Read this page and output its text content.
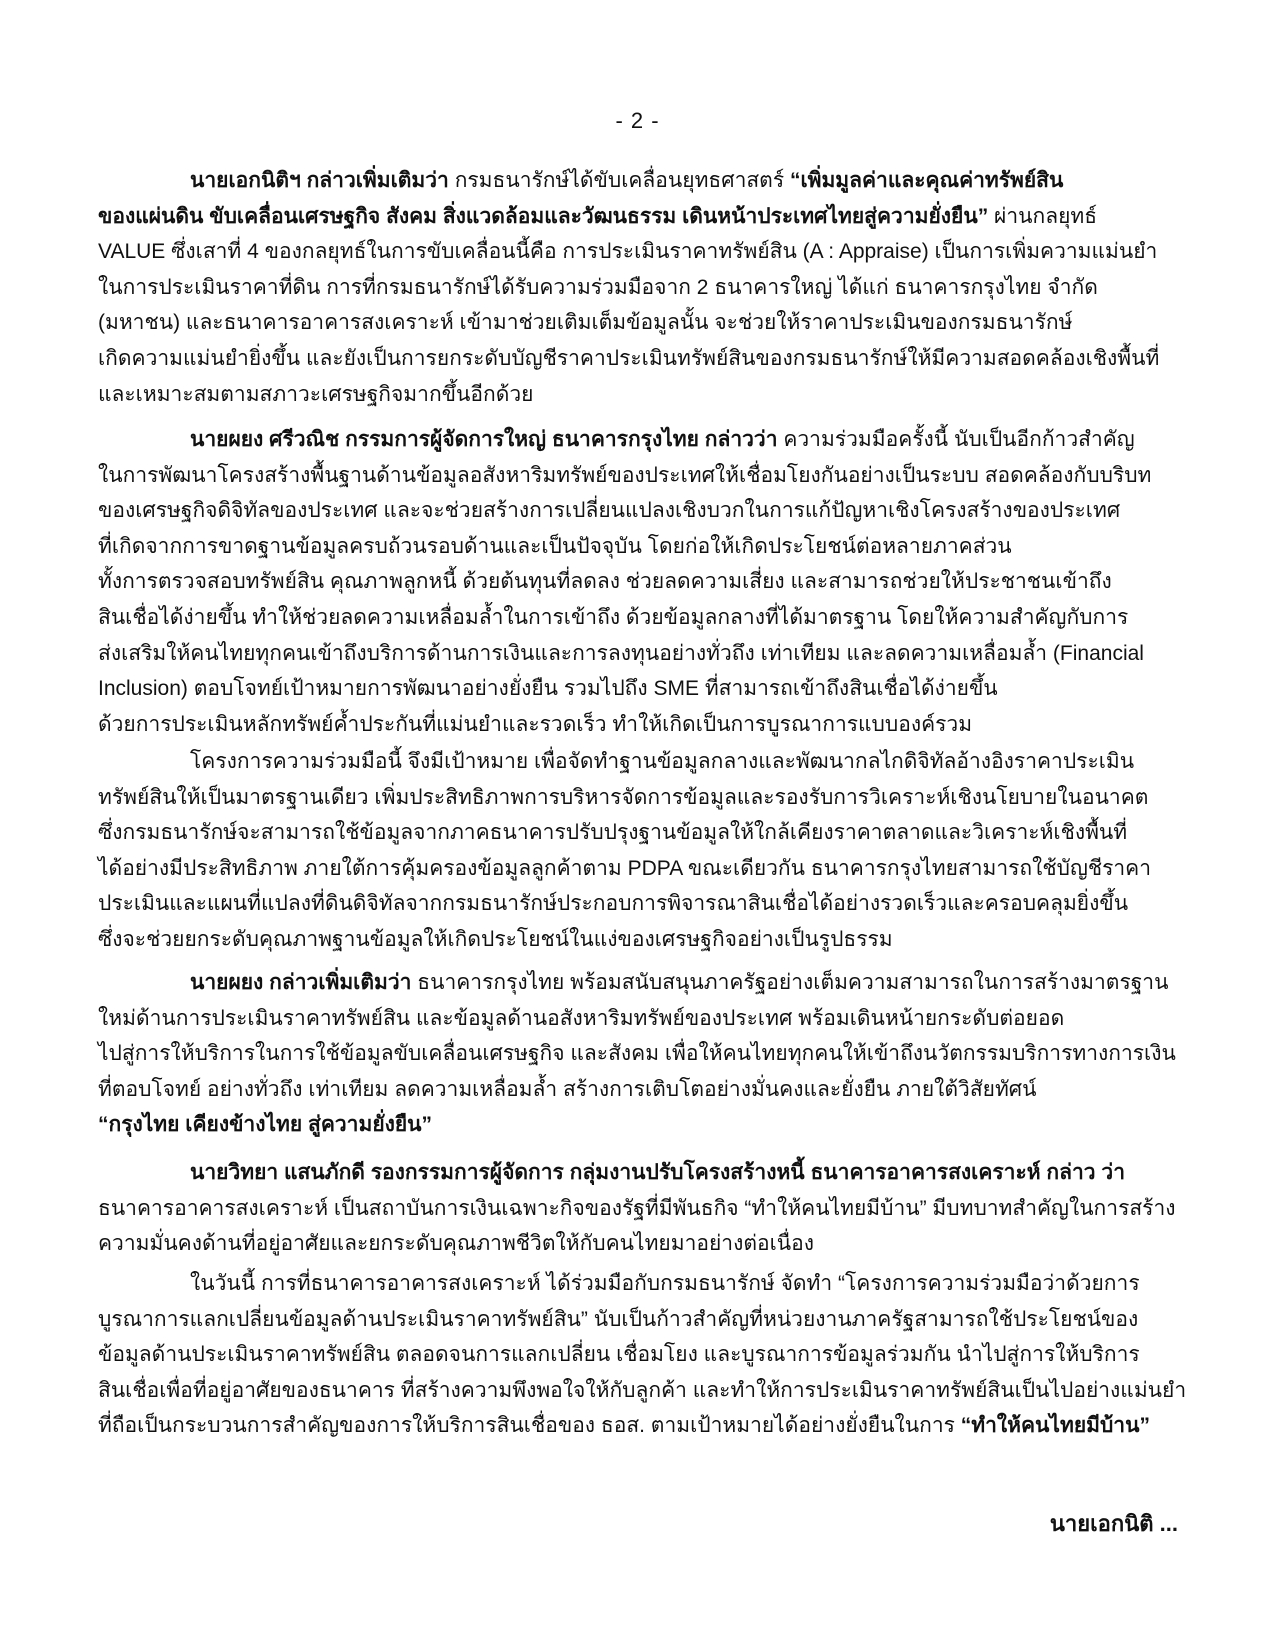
- 2 -
นายเอกนิติฯ กล่าวเพิ่มเติมว่า กรมธนารักษ์ได้ขับเคลื่อนยุทธศาสตร์ “เพิ่มมูลค่าและคุณค่าทรัพย์สิน
ของแผ่นดิน ขับเคลื่อนเศรษฐกิจ สังคม สิ่งแวดล้อมและวัฒนธรรม เดินหน้าประเทศไทยสู่ความยั่งยืน” ผ่านกลยุทธ์
VALUE ซึ่งเสาที่ 4 ของกลยุทธ์ในการขับเคลื่อนนี้คือ การประเมินราคาทรัพย์สิน (A : Appraise) เป็นการเพิ่มความแม่นยำ
ในการประเมินราคาที่ดิน การที่กรมธนารักษ์ได้รับความร่วมมือจาก 2 ธนาคารใหญ่ ได้แก่ ธนาคารกรุงไทย จำกัด
(มหาชน) และธนาคารอาคารสงเคราะห์ เข้ามาช่วยเติมเต็มข้อมูลนั้น จะช่วยให้ราคาประเมินของกรมธนารักษ์
เกิดความแม่นยำยิ่งขึ้น และยังเป็นการยกระดับบัญชีราคาประเมินทรัพย์สินของกรมธนารักษ์ให้มีความสอดคล้องเชิงพื้นที่
และเหมาะสมตามสภาวะเศรษฐกิจมากขึ้นอีกด้วย
นายผยง ศรีวณิช กรรมการผู้จัดการใหญ่ ธนาคารกรุงไทย กล่าวว่า ความร่วมมือครั้งนี้ นับเป็นอีกก้าวสำคัญ
ในการพัฒนาโครงสร้างพื้นฐานด้านข้อมูลอสังหาริมทรัพย์ของประเทศให้เชื่อมโยงกันอย่างเป็นระบบ สอดคล้องกับบริบท
ของเศรษฐกิจดิจิทัลของประเทศ และจะช่วยสร้างการเปลี่ยนแปลงเชิงบวกในการแก้ปัญหาเชิงโครงสร้างของประเทศ
ที่เกิดจากการขาดฐานข้อมูลครบถ้วนรอบด้านและเป็นปัจจุบัน โดยก่อให้เกิดประโยชน์ต่อหลายภาคส่วน
ทั้งการตรวจสอบทรัพย์สิน คุณภาพลูกหนี้ ด้วยต้นทุนที่ลดลง ช่วยลดความเสี่ยง และสามารถช่วยให้ประชาชนเข้าถึง
สินเชื่อได้ง่ายขึ้น ทำให้ช่วยลดความเหลื่อมล้ำในการเข้าถึง ด้วยข้อมูลกลางที่ได้มาตรฐาน โดยให้ความสำคัญกับการ
ส่งเสริมให้คนไทยทุกคนเข้าถึงบริการด้านการเงินและการลงทุนอย่างทั่วถึง เท่าเทียม และลดความเหลื่อมล้ำ (Financial
Inclusion) ตอบโจทย์เป้าหมายการพัฒนาอย่างยั่งยืน รวมไปถึง SME ที่สามารถเข้าถึงสินเชื่อได้ง่ายขึ้น
ด้วยการประเมินหลักทรัพย์ค้ำประกันที่แม่นยำและรวดเร็ว ทำให้เกิดเป็นการบูรณาการแบบองค์รวม
โครงการความร่วมมือนี้ จึงมีเป้าหมาย เพื่อจัดทำฐานข้อมูลกลางและพัฒนากลไกดิจิทัลอ้างอิงราคาประเมิน
ทรัพย์สินให้เป็นมาตรฐานเดียว เพิ่มประสิทธิภาพการบริหารจัดการข้อมูลและรองรับการวิเคราะห์เชิงนโยบายในอนาคต
ซึ่งกรมธนารักษ์จะสามารถใช้ข้อมูลจากภาคธนาคารปรับปรุงฐานข้อมูลให้ใกล้เคียงราคาตลาดและวิเคราะห์เชิงพื้นที่
ได้อย่างมีประสิทธิภาพ ภายใต้การคุ้มครองข้อมูลลูกค้าตาม PDPA ขณะเดียวกัน ธนาคารกรุงไทยสามารถใช้บัญชีราคา
ประเมินและแผนที่แปลงที่ดินดิจิทัลจากกรมธนารักษ์ประกอบการพิจารณาสินเชื่อได้อย่างรวดเร็วและครอบคลุมยิ่งขึ้น
ซึ่งจะช่วยยกระดับคุณภาพฐานข้อมูลให้เกิดประโยชน์ในแง่ของเศรษฐกิจอย่างเป็นรูปธรรม
นายผยง กล่าวเพิ่มเติมว่า ธนาคารกรุงไทย พร้อมสนับสนุนภาครัฐอย่างเต็มความสามารถในการสร้างมาตรฐาน
ใหม่ด้านการประเมินราคาทรัพย์สิน และข้อมูลด้านอสังหาริมทรัพย์ของประเทศ พร้อมเดินหน้ายกระดับต่อยอด
ไปสู่การให้บริการในการใช้ข้อมูลขับเคลื่อนเศรษฐกิจ และสังคม เพื่อให้คนไทยทุกคนให้เข้าถึงนวัตกรรมบริการทางการเงิน
ที่ตอบโจทย์ อย่างทั่วถึง เท่าเทียม ลดความเหลื่อมล้ำ สร้างการเติบโตอย่างมั่นคงและยั่งยืน ภายใต้วิสัยทัศน์
“กรุงไทย เคียงข้างไทย สู่ความยั่งยืน”
นายวิทยา แสนภักดี รองกรรมการผู้จัดการ กลุ่มงานปรับโครงสร้างหนี้ ธนาคารอาคารสงเคราะห์ กล่าว ว่า
ธนาคารอาคารสงเคราะห์ เป็นสถาบันการเงินเฉพาะกิจของรัฐที่มีพันธกิจ “ทำให้คนไทยมีบ้าน” มีบทบาทสำคัญในการสร้าง
ความมั่นคงด้านที่อยู่อาศัยและยกระดับคุณภาพชีวิตให้กับคนไทยมาอย่างต่อเนื่อง
ในวันนี้ การที่ธนาคารอาคารสงเคราะห์ ได้ร่วมมือกับกรมธนารักษ์ จัดทำ “โครงการความร่วมมือว่าด้วยการ
บูรณาการแลกเปลี่ยนข้อมูลด้านประเมินราคาทรัพย์สิน” นับเป็นก้าวสำคัญที่หน่วยงานภาครัฐสามารถใช้ประโยชน์ของ
ข้อมูลด้านประเมินราคาทรัพย์สิน ตลอดจนการแลกเปลี่ยน เชื่อมโยง และบูรณาการข้อมูลร่วมกัน นำไปสู่การให้บริการ
สินเชื่อเพื่อที่อยู่อาศัยของธนาคาร ที่สร้างความพึงพอใจให้กับลูกค้า และทำให้การประเมินราคาทรัพย์สินเป็นไปอย่างแม่นยำ
ที่ถือเป็นกระบวนการสำคัญของการให้บริการสินเชื่อของ ธอส. ตามเป้าหมายได้อย่างยั่งยืนในการ “ทำให้คนไทยมีบ้าน”
นายเอกนิติ ...
